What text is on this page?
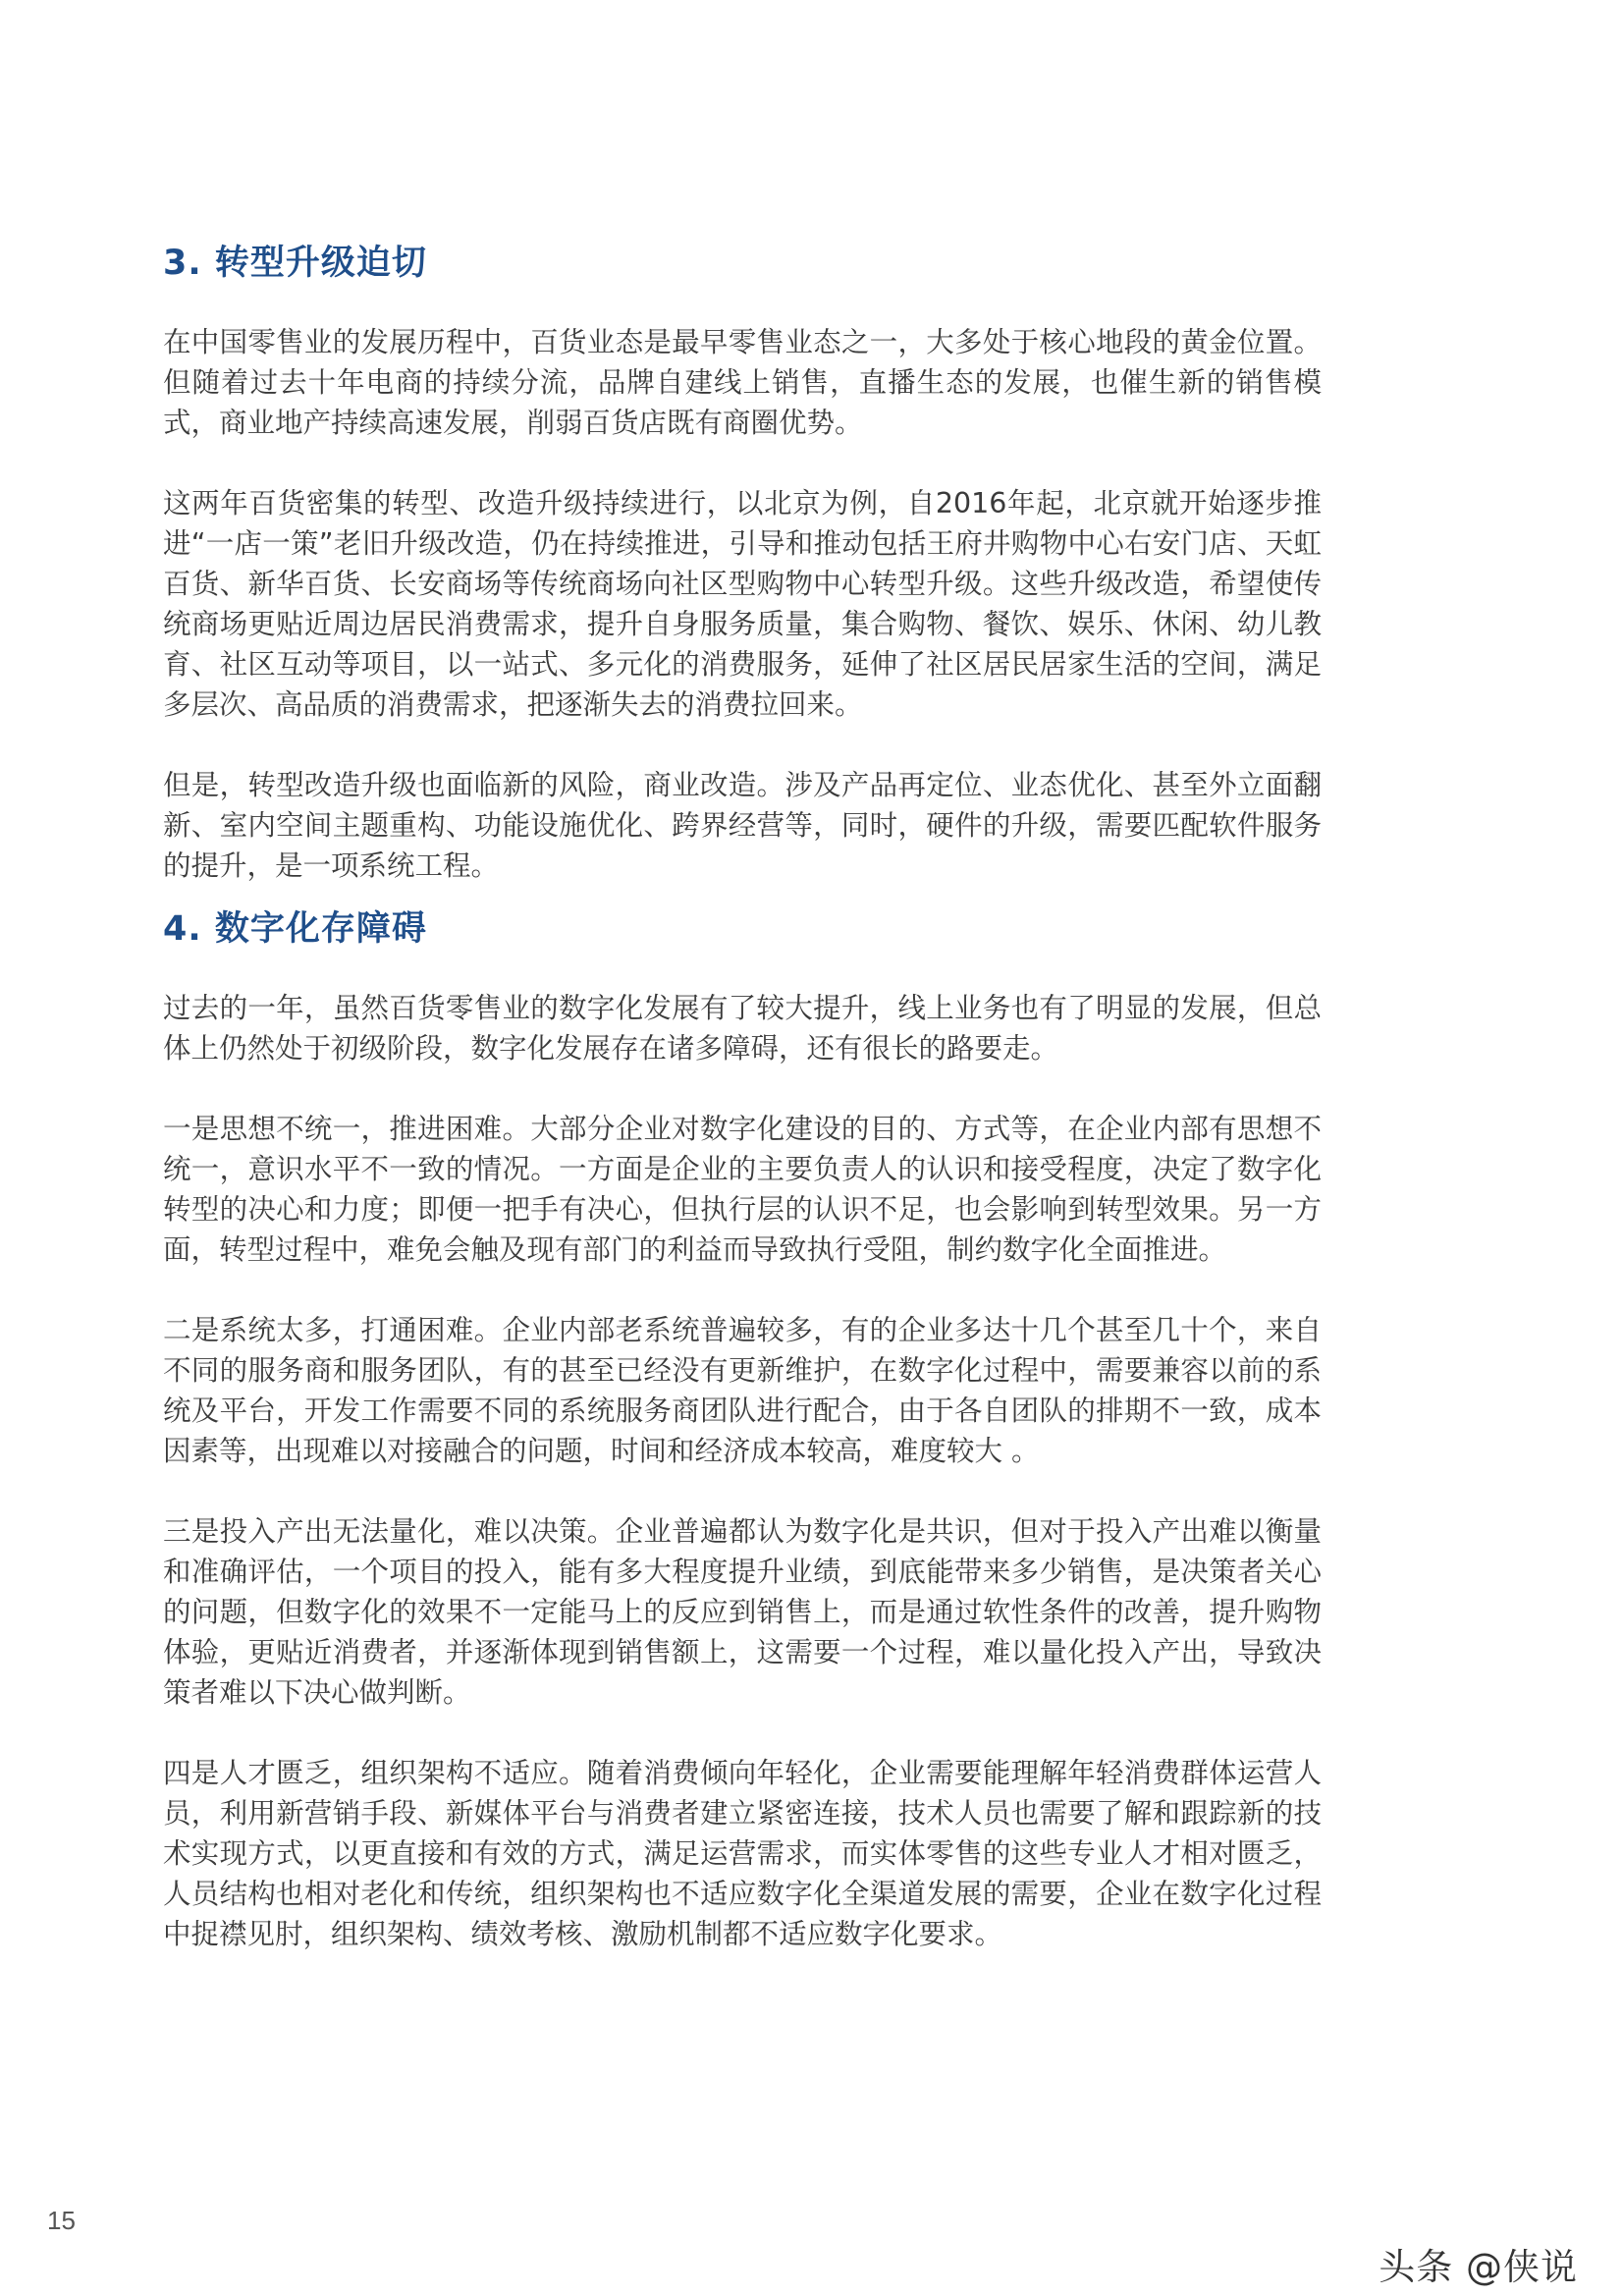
3. 转型升级迫切

在中国零售业的发展历程中，百货业态是最早零售业态之一，大多处于核心地段的黄金位置。但随着过去十年电商的持续分流，品牌自建线上销售，直播生态的发展，也催生新的销售模式，商业地产持续高速发展，削弱百货店既有商圈优势。

这两年百货密集的转型、改造升级持续进行，以北京为例，自2016年起，北京就开始逐步推进“一店一策”老旧升级改造，仍在持续推进，引导和推动包括王府井购物中心右安门店、天虹百货、新华百货、长安商场等传统商场向社区型购物中心转型升级。这些升级改造，希望使传统商场更贴近周边居民消费需求，提升自身服务质量，集合购物、餐饮、娱乐、休闲、幼儿教育、社区互动等项目，以一站式、多元化的消费服务，延伸了社区居民居家生活的空间，满足多层次、高品质的消费需求，把逐渐失去的消费拉回来。

但是，转型改造升级也面临新的风险，商业改造。涉及产品再定位、业态优化、甚至外立面翻新、室内空间主题重构、功能设施优化、跨界经营等，同时，硬件的升级，需要匹配软件服务的提升，是一项系统工程。

4. 数字化存障碍

过去的一年，虽然百货零售业的数字化发展有了较大提升，线上业务也有了明显的发展，但总体上仍然处于初级阶段，数字化发展存在诸多障碍，还有很长的路要走。

一是思想不统一，推进困难。大部分企业对数字化建设的目的、方式等，在企业内部有思想不统一，意识水平不一致的情况。一方面是企业的主要负责人的认识和接受程度，决定了数字化转型的决心和力度；即便一把手有决心，但执行层的认识不足，也会影响到转型效果。另一方面，转型过程中，难免会触及现有部门的利益而导致执行受阻，制约数字化全面推进。

二是系统太多，打通困难。企业内部老系统普遍较多，有的企业多达十几个甚至几十个，来自不同的服务商和服务团队，有的甚至已经没有更新维护，在数字化过程中，需要兼容以前的系统及平台，开发工作需要不同的系统服务商团队进行配合，由于各自团队的排期不一致，成本因素等，出现难以对接融合的问题，时间和经济成本较高，难度较大 。

三是投入产出无法量化，难以决策。企业普遍都认为数字化是共识，但对于投入产出难以衡量和准确评估，一个项目的投入，能有多大程度提升业绩，到底能带来多少销售，是决策者关心的问题，但数字化的效果不一定能马上的反应到销售上，而是通过软性条件的改善，提升购物体验，更贴近消费者，并逐渐体现到销售额上，这需要一个过程，难以量化投入产出，导致决策者难以下决心做判断。

四是人才匮乏，组织架构不适应。随着消费倾向年轻化，企业需要能理解年轻消费群体运营人员，利用新营销手段、新媒体平台与消费者建立紧密连接，技术人员也需要了解和跟踪新的技术实现方式，以更直接和有效的方式，满足运营需求，而实体零售的这些专业人才相对匮乏，人员结构也相对老化和传统，组织架构也不适应数字化全渠道发展的需要，企业在数字化过程中捉襟见肘，组织架构、绩效考核、激励机制都不适应数字化要求。

15
头条 @侠说
